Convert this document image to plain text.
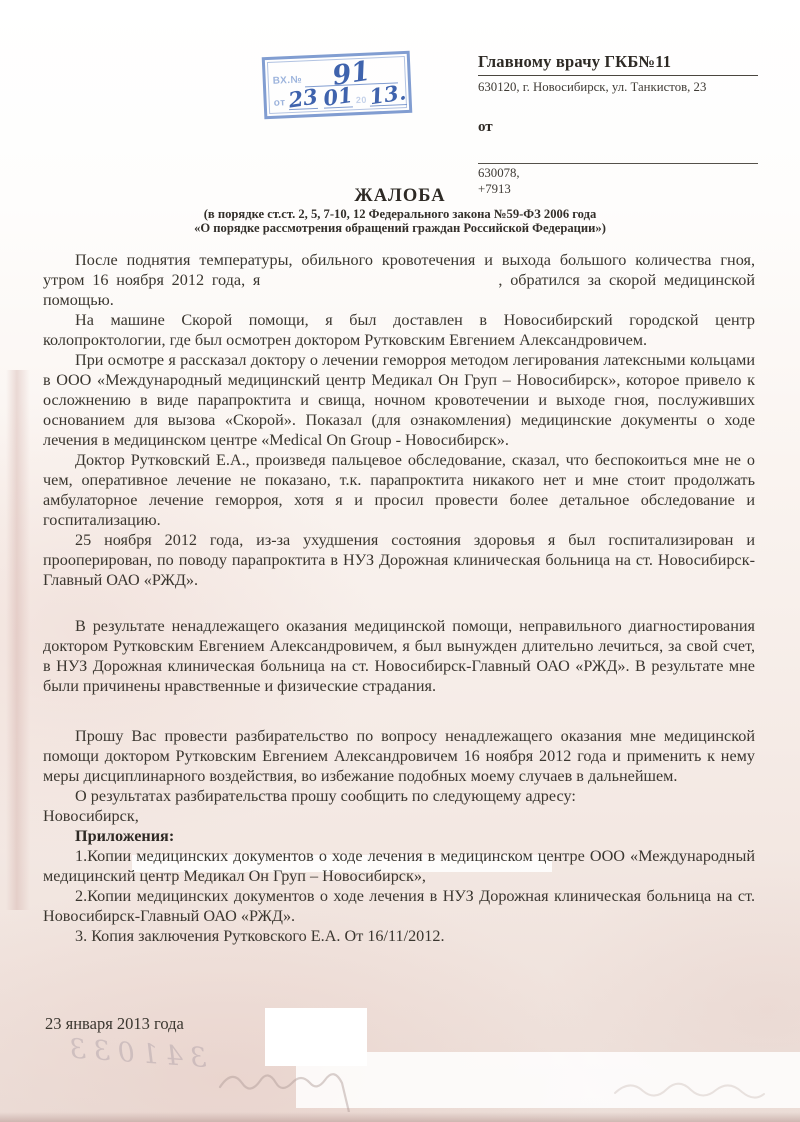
341033
ВХ.№	91
от 23 01 20 13.
Главному врачу ГКБ№11
630120, г. Новосибирск, ул. Танкистов, 23
от
630078,
+7913
ЖАЛОБА
(в порядке ст.ст. 2, 5, 7-10, 12 Федерального закона №59-ФЗ 2006 года
«О порядке рассмотрения обращений граждан Российской Федерации»)

После поднятия температуры, обильного кровотечения и выхода большого количества гноя, утром 16 ноября 2012 года, я	, обратился за скорой медицинской помощью.

На машине Скорой помощи, я был доставлен в Новосибирский городской центр колопроктологии, где был осмотрен доктором Рутковским Евгением Александровичем.

При осмотре я рассказал доктору о лечении геморроя методом легирования латексными кольцами в ООО «Международный медицинский центр Медикал Он Груп – Новосибирск», которое привело к осложнению в виде парапроктита и свища, ночном кровотечении и выходе гноя, послуживших основанием для вызова «Скорой». Показал (для ознакомления) медицинские документы о ходе лечения в медицинском центре «Medical On Group - Новосибирск».

Доктор Рутковский Е.А., произведя пальцевое обследование, сказал, что беспокоиться мне не о чем, оперативное лечение не показано, т.к. парапроктита никакого нет и мне стоит продолжать амбулаторное лечение геморроя, хотя я и просил провести более детальное обследование и госпитализацию.

25 ноября 2012 года, из-за ухудшения состояния здоровья я был госпитализирован и прооперирован, по поводу парапроктита в НУЗ Дорожная клиническая больница на ст. Новосибирск-Главный ОАО «РЖД».

В результате ненадлежащего оказания медицинской помощи, неправильного диагностирования доктором Рутковским Евгением Александровичем, я был вынужден длительно лечиться, за свой счет, в НУЗ Дорожная клиническая больница на ст. Новосибирск-Главный ОАО «РЖД». В результате мне были причинены нравственные и физические страдания.

Прошу Вас провести разбирательство по вопросу ненадлежащего оказания мне медицинской помощи доктором Рутковским Евгением Александровичем 16 ноября 2012 года и применить к нему меры дисциплинарного воздействия, во избежание подобных моему случаев в дальнейшем.

О результатах разбирательства прошу сообщить по следующему адресу:
Новосибирск,

Приложения:

1.Копии медицинских документов о ходе лечения в медицинском центре ООО «Международный медицинский центр Медикал Он Груп – Новосибирск»,

2.Копии медицинских документов о ходе лечения в НУЗ Дорожная клиническая больница на ст. Новосибирск-Главный ОАО «РЖД».

3. Копия заключения Рутковского Е.А. От 16/11/2012.

23 января 2013 года
